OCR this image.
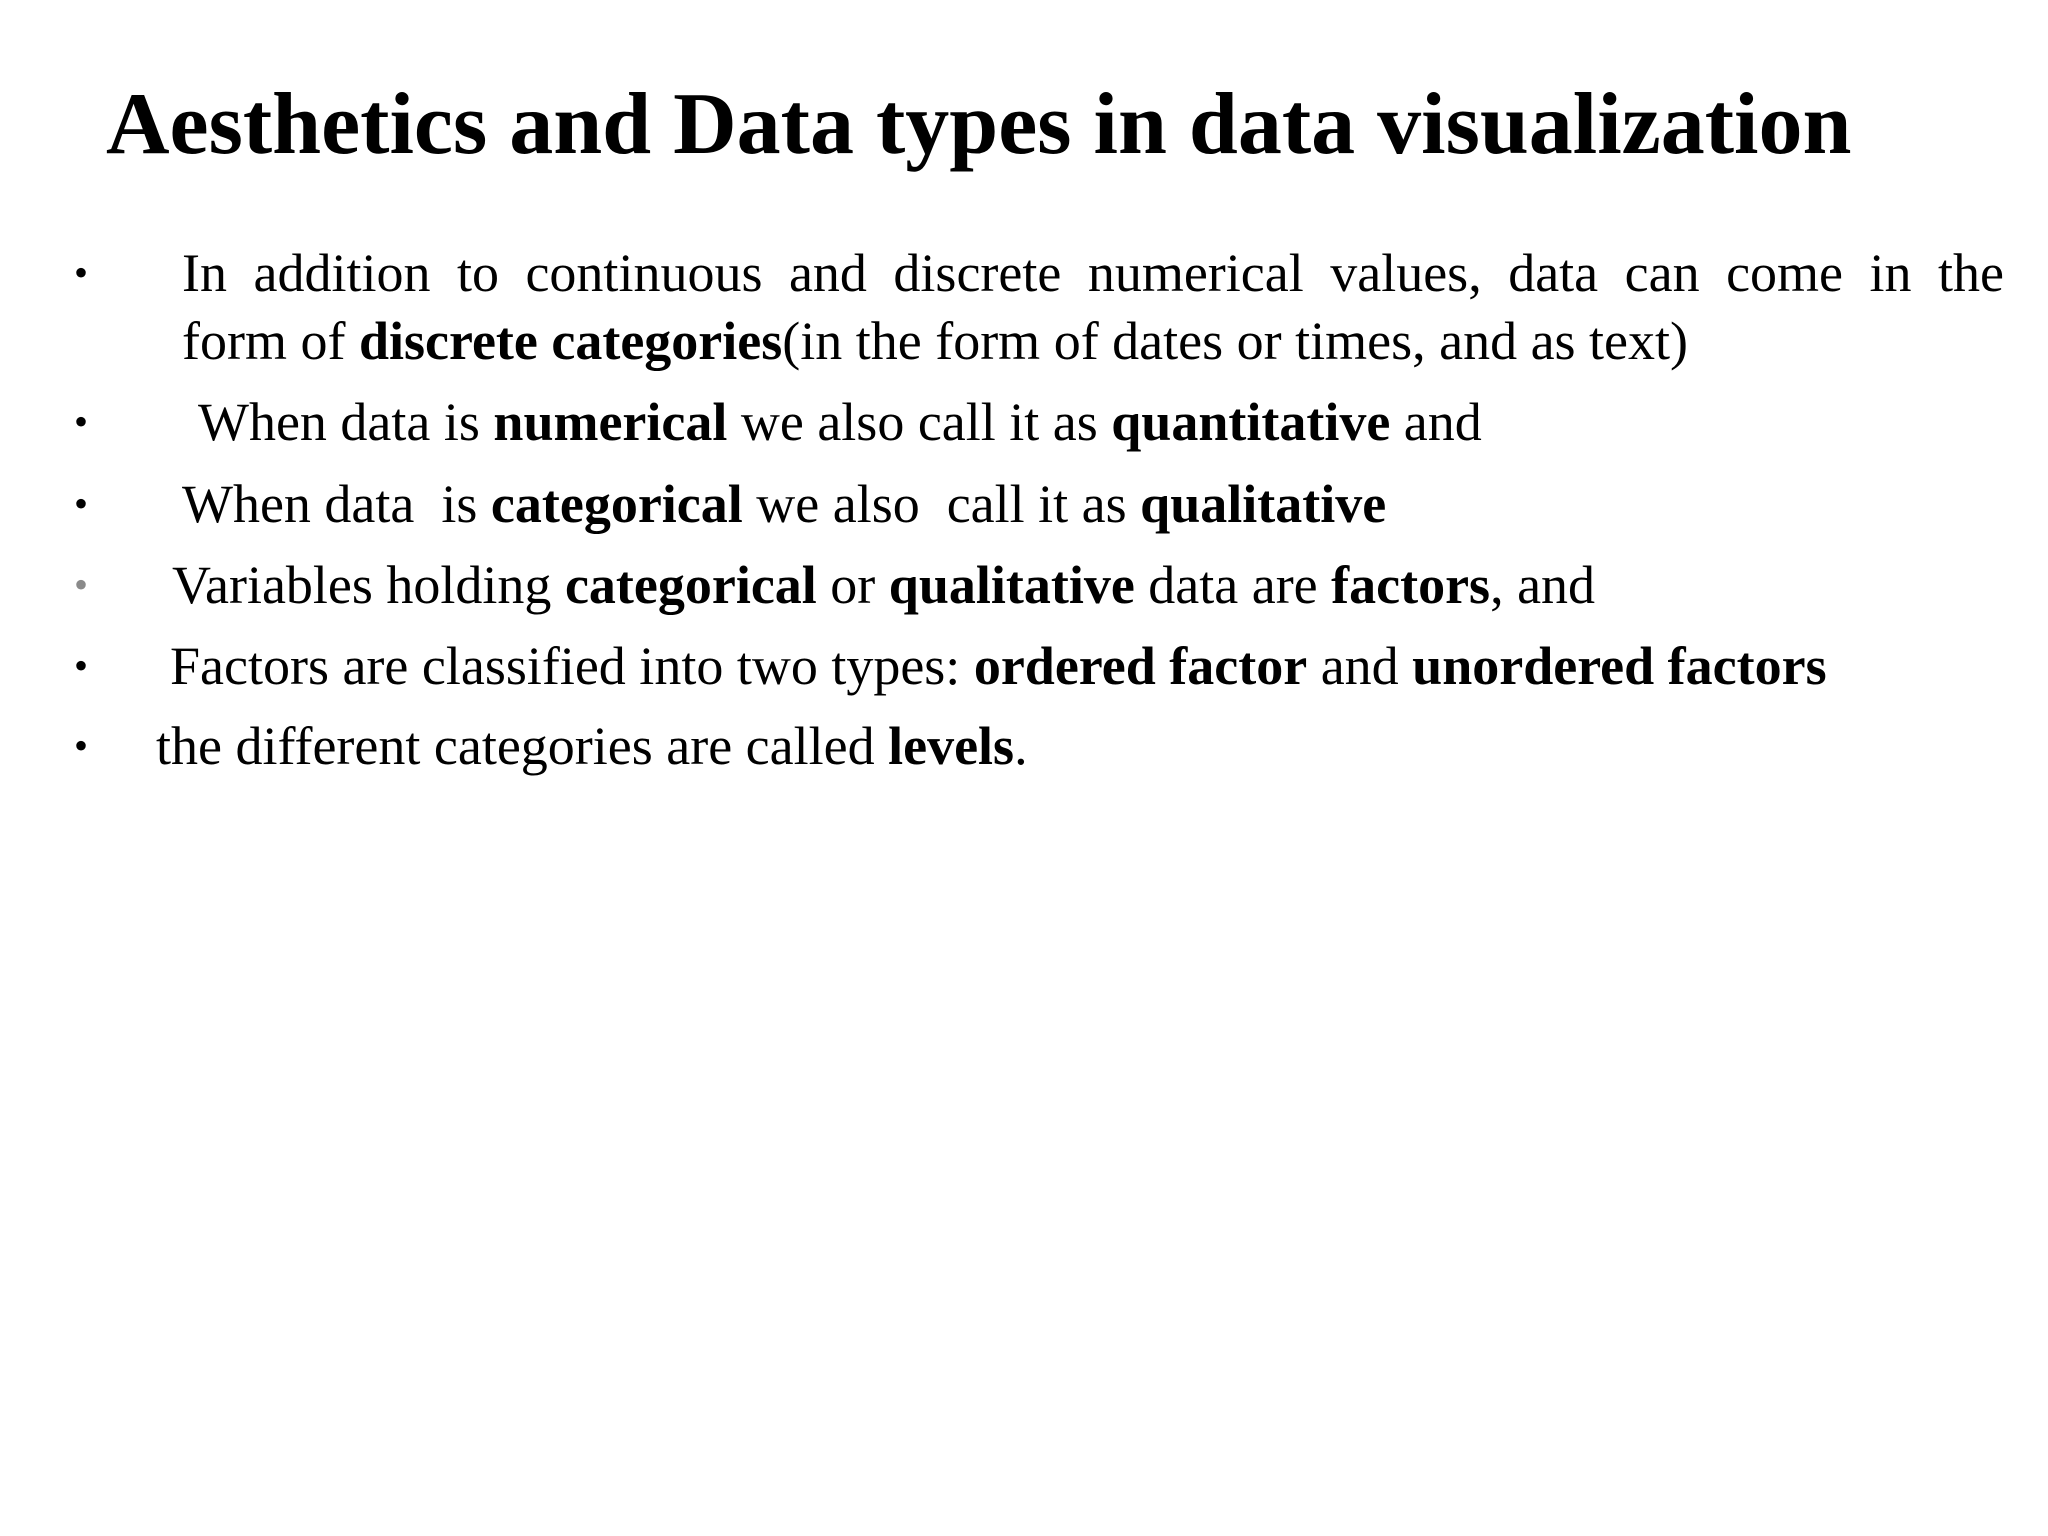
Aesthetics and Data types in data visualization
• In addition to continuous and discrete numerical values, data can come in the
form of discrete categories(in the form of dates or times, and as text)
• When data is numerical we also call it as quantitative and
• When data  is categorical we also  call it as qualitative
• Variables holding categorical or qualitative data are factors, and
• Factors are classified into two types: ordered factor and unordered factors
• the different categories are called levels.
